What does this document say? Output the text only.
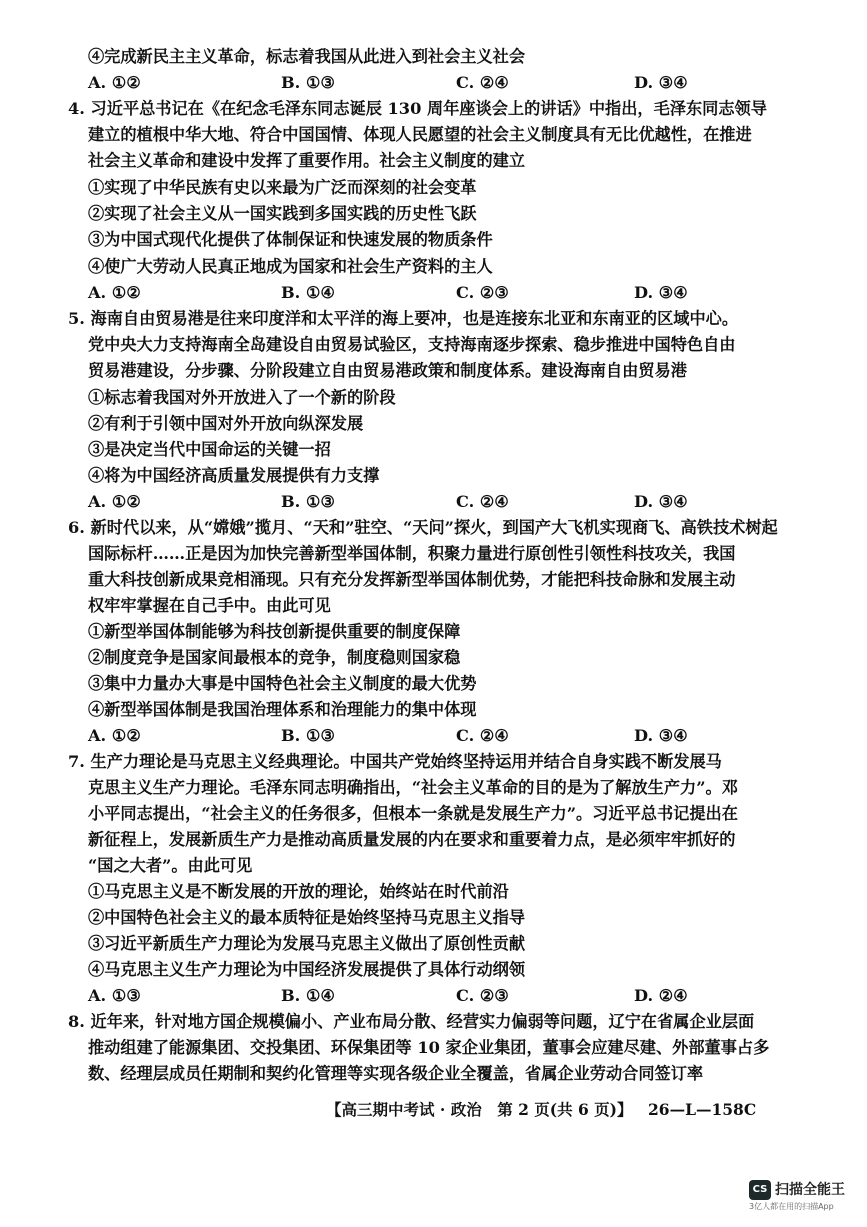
④完成新民主主义革命，标志着我国从此进入到社会主义社会
A. ①②	B. ①③	C. ②④	D. ③④
4. 习近平总书记在《在纪念毛泽东同志诞辰 130 周年座谈会上的讲话》中指出，毛泽东同志领导
建立的植根中华大地、符合中国国情、体现人民愿望的社会主义制度具有无比优越性，在推进
社会主义革命和建设中发挥了重要作用。社会主义制度的建立
①实现了中华民族有史以来最为广泛而深刻的社会变革
②实现了社会主义从一国实践到多国实践的历史性飞跃
③为中国式现代化提供了体制保证和快速发展的物质条件
④使广大劳动人民真正地成为国家和社会生产资料的主人
A. ①②	B. ①④	C. ②③	D. ③④
5. 海南自由贸易港是往来印度洋和太平洋的海上要冲，也是连接东北亚和东南亚的区域中心。
党中央大力支持海南全岛建设自由贸易试验区，支持海南逐步探索、稳步推进中国特色自由
贸易港建设，分步骤、分阶段建立自由贸易港政策和制度体系。建设海南自由贸易港
①标志着我国对外开放进入了一个新的阶段
②有利于引领中国对外开放向纵深发展
③是决定当代中国命运的关键一招
④将为中国经济高质量发展提供有力支撑
A. ①②	B. ①③	C. ②④	D. ③④
6. 新时代以来，从“嫦娥”揽月、“天和”驻空、“天问”探火，到国产大飞机实现商飞、高铁技术树起
国际标杆……正是因为加快完善新型举国体制，积聚力量进行原创性引领性科技攻关，我国
重大科技创新成果竞相涌现。只有充分发挥新型举国体制优势，才能把科技命脉和发展主动
权牢牢掌握在自己手中。由此可见
①新型举国体制能够为科技创新提供重要的制度保障
②制度竞争是国家间最根本的竞争，制度稳则国家稳
③集中力量办大事是中国特色社会主义制度的最大优势
④新型举国体制是我国治理体系和治理能力的集中体现
A. ①②	B. ①③	C. ②④	D. ③④
7. 生产力理论是马克思主义经典理论。中国共产党始终坚持运用并结合自身实践不断发展马
克思主义生产力理论。毛泽东同志明确指出，“社会主义革命的目的是为了解放生产力”。邓
小平同志提出，“社会主义的任务很多，但根本一条就是发展生产力”。习近平总书记提出在
新征程上，发展新质生产力是推动高质量发展的内在要求和重要着力点，是必须牢牢抓好的
“国之大者”。由此可见
①马克思主义是不断发展的开放的理论，始终站在时代前沿
②中国特色社会主义的最本质特征是始终坚持马克思主义指导
③习近平新质生产力理论为发展马克思主义做出了原创性贡献
④马克思主义生产力理论为中国经济发展提供了具体行动纲领
A. ①③	B. ①④	C. ②③	D. ②④
8. 近年来，针对地方国企规模偏小、产业布局分散、经营实力偏弱等问题，辽宁在省属企业层面
推动组建了能源集团、交投集团、环保集团等 10 家企业集团，董事会应建尽建、外部董事占多
数、经理层成员任期制和契约化管理等实现各级企业全覆盖，省属企业劳动合同签订率
【高三期中考试 · 政治　第 2 页(共 6 页)】 26—L—158C
CS 扫描全能王
3亿人都在用的扫描App
